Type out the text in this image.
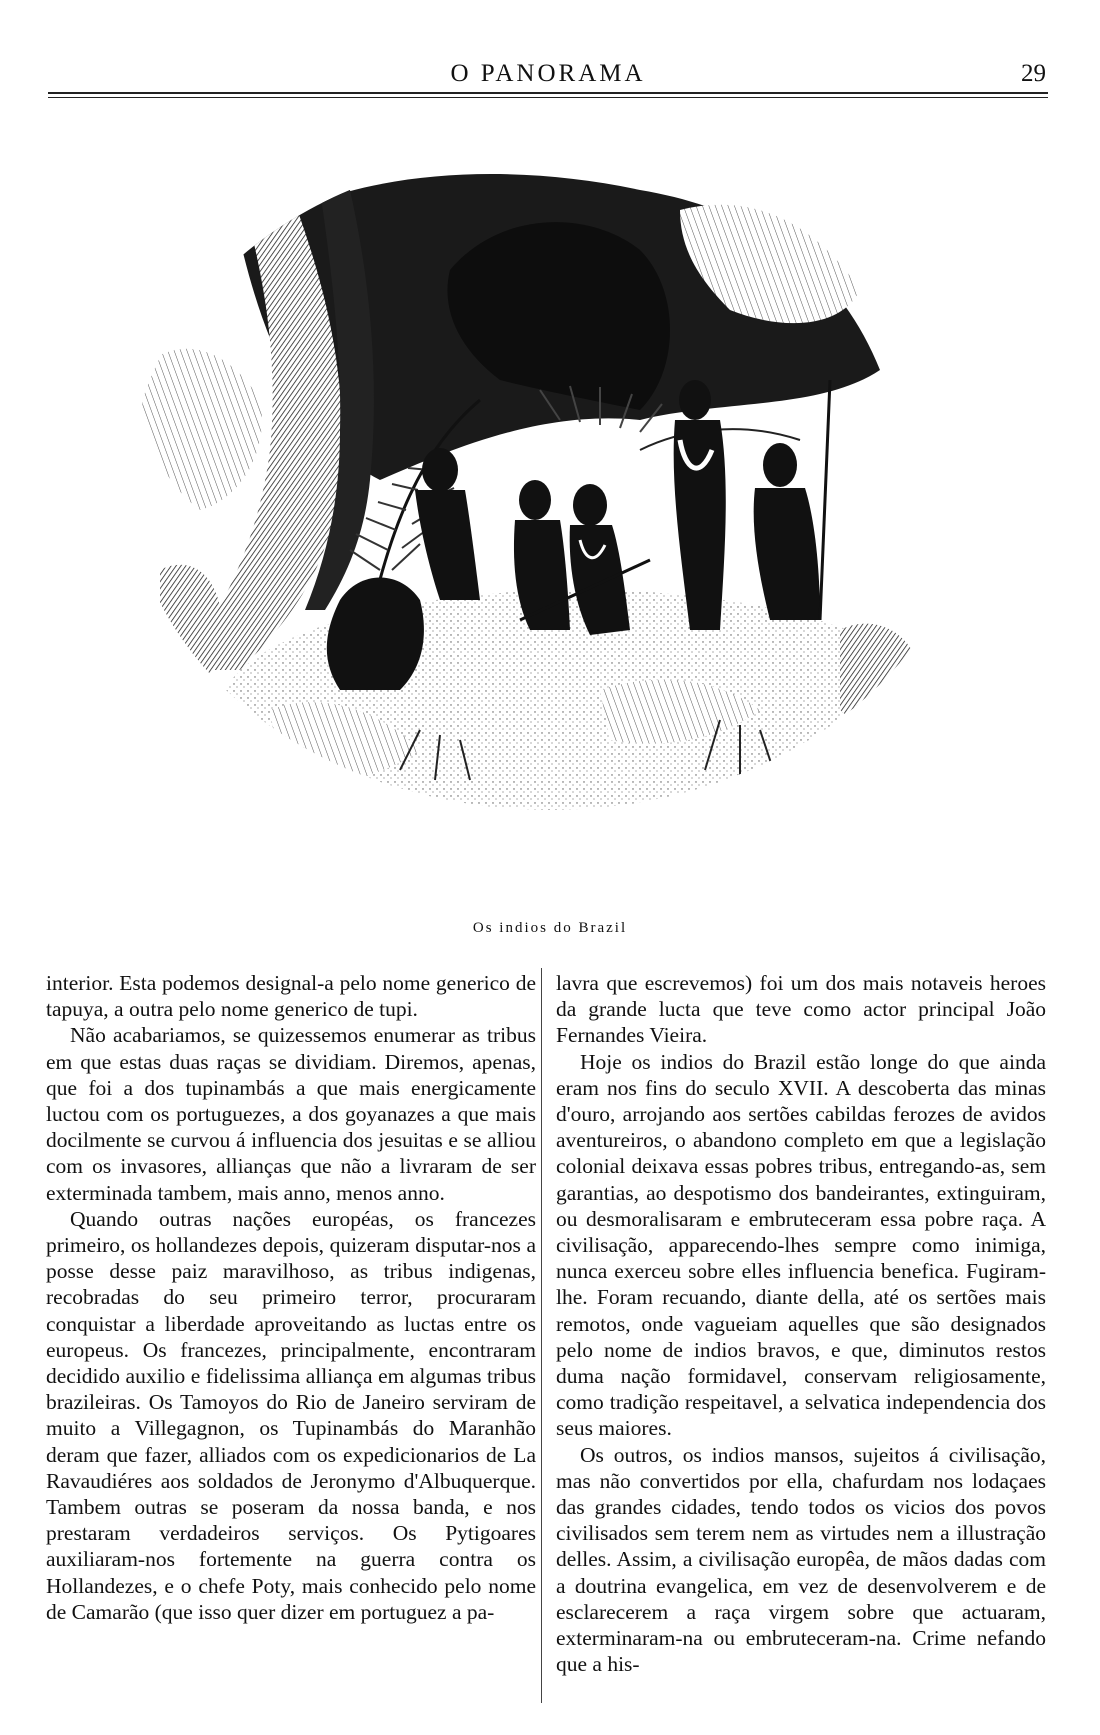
O PANORAMA	29
Os indios do Brazil

interior. Esta podemos designal-a pelo nome generico de tapuya, a outra pelo nome generico de tupi.

Não acabariamos, se quizessemos enumerar as tribus em que estas duas raças se dividiam. Diremos, apenas, que foi a dos tupinambás a que mais energicamente luctou com os portuguezes, a dos goyanazes a que mais docilmente se curvou á influencia dos jesuitas e se alliou com os invasores, allianças que não a livraram de ser exterminada tambem, mais anno, menos anno.

Quando outras nações européas, os francezes primeiro, os hollandezes depois, quizeram disputar-nos a posse desse paiz maravilhoso, as tribus indigenas, recobradas do seu primeiro terror, procuraram conquistar a liberdade aproveitando as luctas entre os europeus. Os francezes, principalmente, encontraram decidido auxilio e fidelissima alliança em algumas tribus brazileiras. Os Tamoyos do Rio de Janeiro serviram de muito a Villegagnon, os Tupinambás do Maranhão deram que fazer, alliados com os expedicionarios de La Ravaudiéres aos soldados de Jeronymo d'Albuquerque. Tambem outras se poseram da nossa banda, e nos prestaram verdadeiros serviços. Os Pytigoares auxiliaram-nos fortemente na guerra contra os Hollandezes, e o chefe Poty, mais conhecido pelo nome de Camarão (que isso quer dizer em portuguez a pa-

lavra que escrevemos) foi um dos mais notaveis heroes da grande lucta que teve como actor principal João Fernandes Vieira.

Hoje os indios do Brazil estão longe do que ainda eram nos fins do seculo XVII. A descoberta das minas d'ouro, arrojando aos sertões cabildas ferozes de avidos aventureiros, o abandono completo em que a legislação colonial deixava essas pobres tribus, entregando-as, sem garantias, ao despotismo dos bandeirantes, extinguiram, ou desmoralisaram e embruteceram essa pobre raça. A civilisação, apparecendo-lhes sempre como inimiga, nunca exerceu sobre elles influencia benefica. Fugiram-lhe. Foram recuando, diante della, até os sertões mais remotos, onde vagueiam aquelles que são designados pelo nome de indios bravos, e que, diminutos restos duma nação formidavel, conservam religiosamente, como tradição respeitavel, a selvatica independencia dos seus maiores.

Os outros, os indios mansos, sujeitos á civilisação, mas não convertidos por ella, chafurdam nos lodaçaes das grandes cidades, tendo todos os vicios dos povos civilisados sem terem nem as virtudes nem a illustração delles. Assim, a civilisação europêa, de mãos dadas com a doutrina evangelica, em vez de desenvolverem e de esclarecerem a raça virgem sobre que actuaram, exterminaram-na ou embruteceram-na. Crime nefando que a his-
